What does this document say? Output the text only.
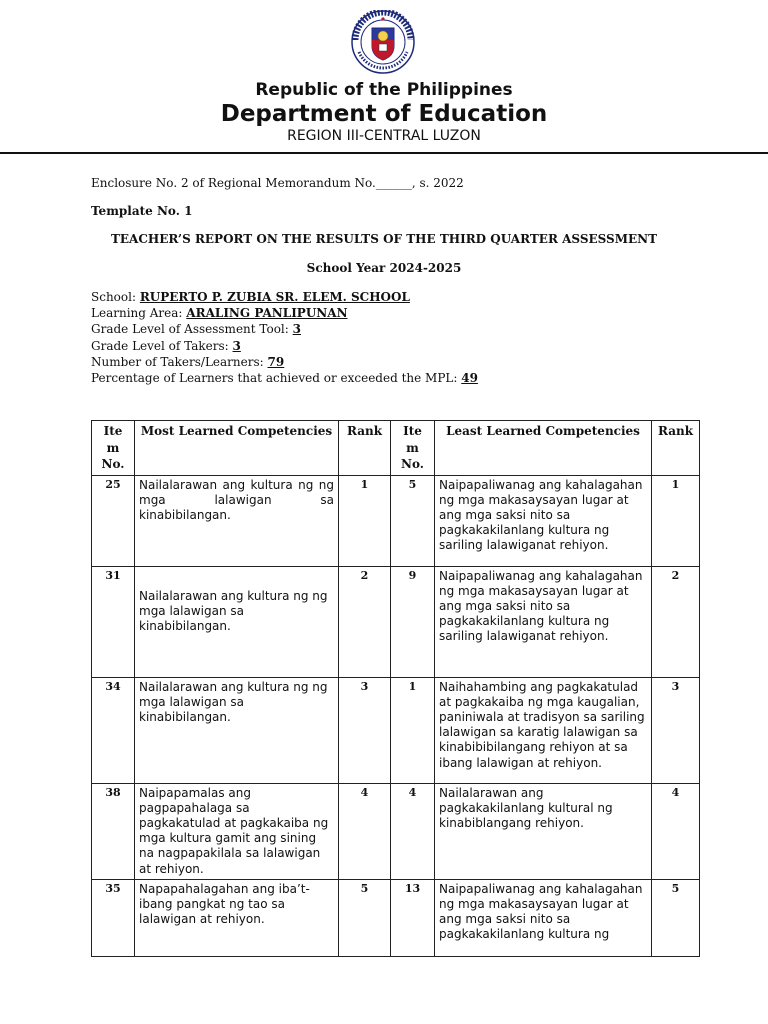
Republic of the Philippines
Department of Education
REGION III-CENTRAL LUZON
Enclosure No. 2 of Regional Memorandum No.______, s. 2022
Template No. 1
TEACHER’S REPORT ON THE RESULTS OF THE THIRD QUARTER ASSESSMENT
School Year 2024-2025
School: RUPERTO P. ZUBIA SR. ELEM. SCHOOL
Learning Area: ARALING PANLIPUNAN
Grade Level of Assessment Tool: 3
Grade Level of Takers: 3
Number of Takers/Learners: 79
Percentage of Learners that achieved or exceeded the MPL: 49
Ite m No.	Most Learned Competencies	Rank	Ite m No.	Least Learned Competencies	Rank
25	Nailalarawan ang kultura ng ng mga lalawigan sa kinabibilangan.	1	5	Naipapaliwanag ang kahalagahan ng mga makasaysayan lugar at ang mga saksi nito sa pagkakakilanlang kultura ng sariling lalawiganat rehiyon.	1
31	Nailalarawan ang kultura ng ng mga lalawigan sa kinabibilangan.	2	9	Naipapaliwanag ang kahalagahan ng mga makasaysayan lugar at ang mga saksi nito sa pagkakakilanlang kultura ng sariling lalawiganat rehiyon.	2
34	Nailalarawan ang kultura ng ng mga lalawigan sa kinabibilangan.	3	1	Naihahambing ang pagkakatulad at pagkakaiba ng mga kaugalian, paniniwala at tradisyon sa sariling lalawigan sa karatig lalawigan sa kinabibibilangang rehiyon at sa ibang lalawigan at rehiyon.	3
38	Naipapamalas ang pagpapahalaga sa pagkakatulad at pagkakaiba ng mga kultura gamit ang sining na nagpapakilala sa lalawigan at rehiyon.	4	4	Nailalarawan ang pagkakakilanlang kultural ng kinabiblangang rehiyon.	4
35	Napapahalagahan ang iba’t-ibang pangkat ng tao sa lalawigan at rehiyon.	5	13	Naipapaliwanag ang kahalagahan ng mga makasaysayan lugar at ang mga saksi nito sa pagkakakilanlang kultura ng	5
